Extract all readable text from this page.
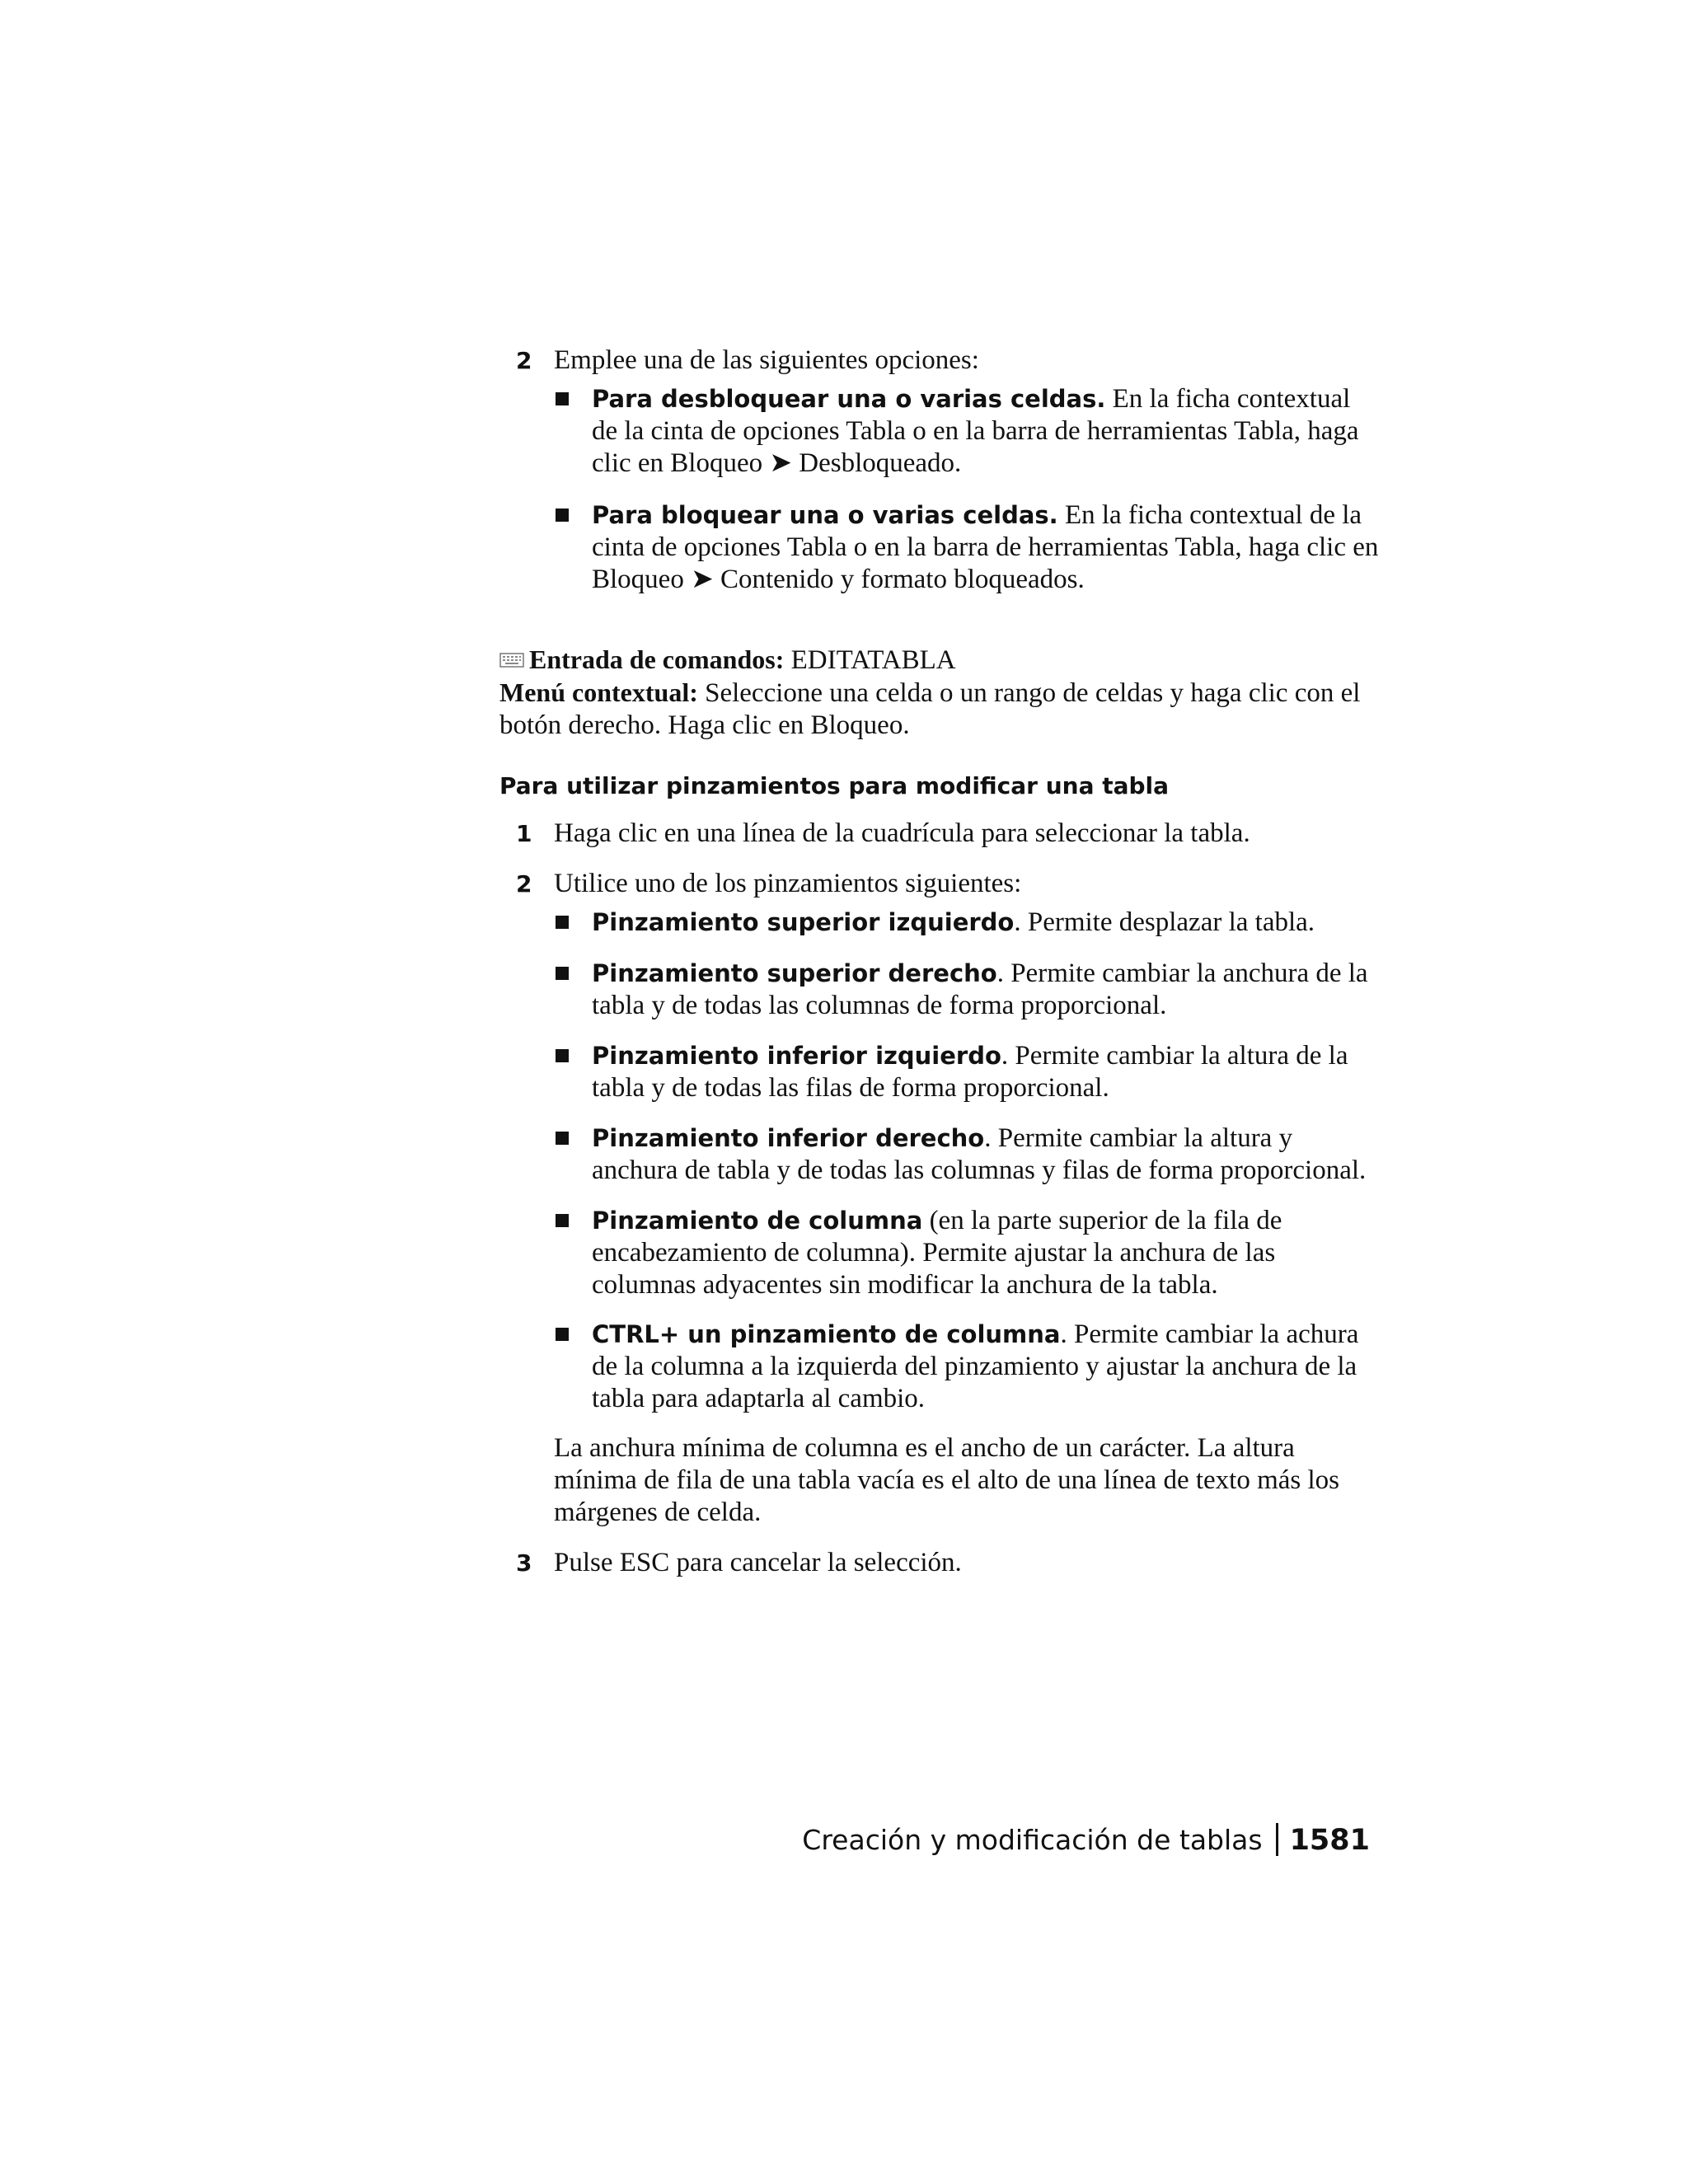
2 Emplee una de las siguientes opciones:
Para desbloquear una o varias celdas. En la ficha contextual de la cinta de opciones Tabla o en la barra de herramientas Tabla, haga clic en Bloqueo ➤ Desbloqueado.
Para bloquear una o varias celdas. En la ficha contextual de la cinta de opciones Tabla o en la barra de herramientas Tabla, haga clic en Bloqueo ➤ Contenido y formato bloqueados.
Entrada de comandos: EDITATABLA
Menú contextual: Seleccione una celda o un rango de celdas y haga clic con el botón derecho. Haga clic en Bloqueo.
Para utilizar pinzamientos para modificar una tabla
1 Haga clic en una línea de la cuadrícula para seleccionar la tabla.
2 Utilice uno de los pinzamientos siguientes:
Pinzamiento superior izquierdo. Permite desplazar la tabla.
Pinzamiento superior derecho. Permite cambiar la anchura de la tabla y de todas las columnas de forma proporcional.
Pinzamiento inferior izquierdo. Permite cambiar la altura de la tabla y de todas las filas de forma proporcional.
Pinzamiento inferior derecho. Permite cambiar la altura y anchura de tabla y de todas las columnas y filas de forma proporcional.
Pinzamiento de columna (en la parte superior de la fila de encabezamiento de columna). Permite ajustar la anchura de las columnas adyacentes sin modificar la anchura de la tabla.
CTRL+ un pinzamiento de columna. Permite cambiar la achura de la columna a la izquierda del pinzamiento y ajustar la anchura de la tabla para adaptarla al cambio.
La anchura mínima de columna es el ancho de un carácter. La altura mínima de fila de una tabla vacía es el alto de una línea de texto más los márgenes de celda.
3 Pulse ESC para cancelar la selección.
Creación y modificación de tablas 1581
